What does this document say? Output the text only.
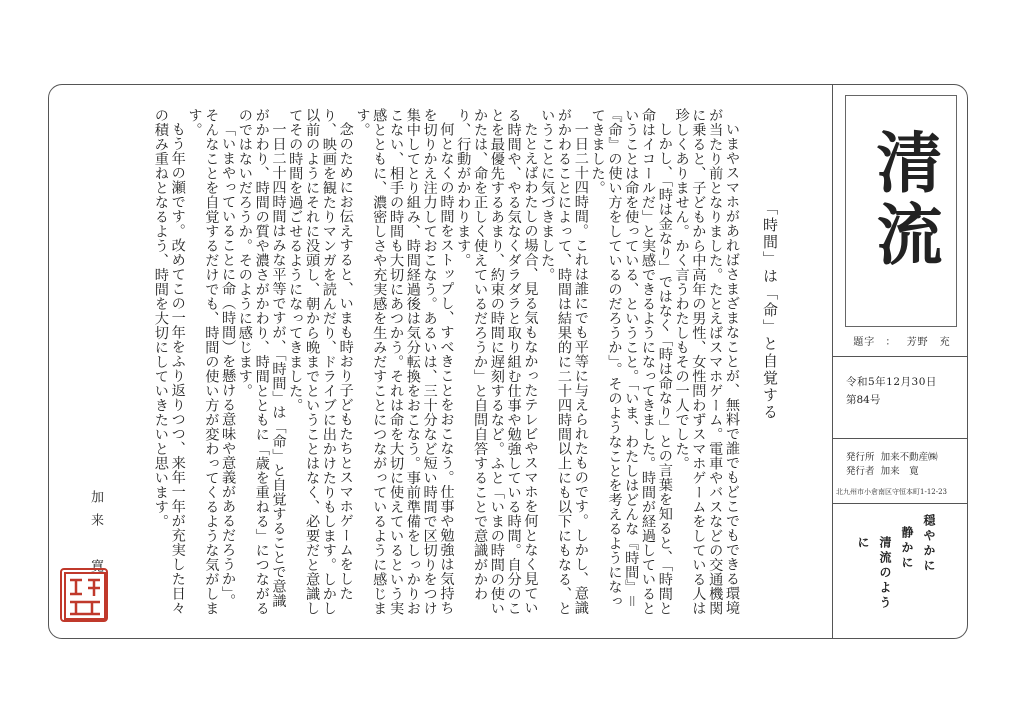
「時間」は「命」と自覚する

いまやスマホがあればさまざまなことが、無料で誰でもどこでもできる環境が当たり前となりました。たとえばスマホゲーム。電車やバスなどの交通機関に乗ると、子どもから中高年の男性、女性問わずスマホゲームをしている人は珍しくありません。かく言うわたしもその一人でした。

しかし、「時は金なり」ではなく「時は命なり」との言葉を知ると、「時間と命はイコールだ」と実感できるようになってきました。時間が経過しているということは命を使っている、ということ。「いま、わたしはどんな『時間』＝『命』の使い方をしているのだろうか」。そのようなことを考えるようになってきました。

一日二十四時間。これは誰にでも平等に与えられたものです。しかし、意識がかわることによって、時間は結果的に二十四時間以上にも以下にもなる、ということに気づきました。

たとえばわたしの場合、見る気もなかったテレビやスマホを何となく見ている時間や、やる気なくダラダラと取り組む仕事や勉強している時間。自分のことを最優先するあまり、約束の時間に遅刻するなど。ふと「いまの時間の使いかたは、命を正しく使えているだろうか」と自問自答することで意識がかわり、行動がかわります。

何となくの時間をストップし、すべきことをおこなう。仕事や勉強は気持ちを切りかえ注力しておこなう。あるいは、三十分など短い時間で区切りをつけ集中してとり組み、時間経過後は気分転換をおこなう。事前準備をしっかりおこない、相手の時間も大切にあつかう。それは命を大切に使えているという実感とともに、濃密しさや充実感を生みだすことにつながっているように感じます。

念のためにお伝えすると、いまも時おり子どもたちとスマホゲームをしたり、映画を観たりマンガを読んだり、ドライブに出かけたりもします。しかし以前のようにそれに没頭し、朝から晩までということはなく、必要だと意識してその時間を過ごせるようになってきました。

一日二十四時間はみな平等ですが、「時間」は「命」と自覚することで意識がかわり、時間の質や濃さがかわり、時間とともに「歳を重ねる」につながるのではないだろうか。そのように感じます。

「いまやっていることに命（時間）を懸ける意味や意義があるだろうか」。そんなことを自覚するだけでも、時間の使い方が変わってくるような気がします。

もう年の瀬です。改めてこの一年をふり返りつつ、来年一年が充実した日々の積み重ねとなるよう、時間を大切にしていきたいと思います。

加来　寛
清流
題字 ： 芳野　充
令和5年12月30日
第84号
発行所 加来不動産㈱
発行者 加来　寛
北九州市小倉南区守恒本町1-12-23
穏やかに
静かに
清流のように
